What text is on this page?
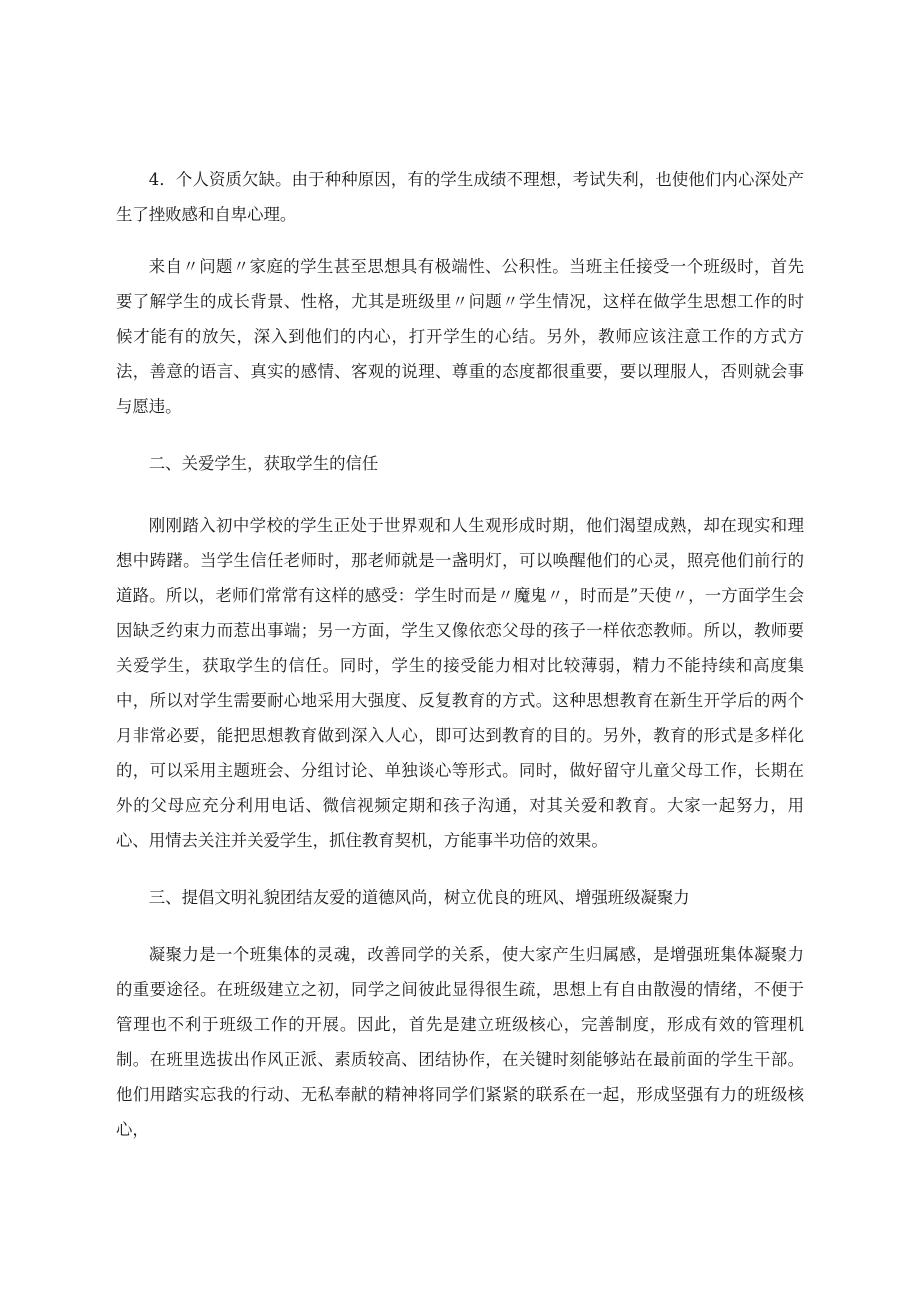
4．个人资质欠缺。由于种种原因，有的学生成绩不理想，考试失利，也使他们内心深处产生了挫败感和自卑心理。

来自〃问题〃家庭的学生甚至思想具有极端性、公积性。当班主任接受一个班级时，首先要了解学生的成长背景、性格，尤其是班级里〃问题〃学生情况，这样在做学生思想工作的时候才能有的放矢，深入到他们的内心，打开学生的心结。另外，教师应该注意工作的方式方法，善意的语言、真实的感情、客观的说理、尊重的态度都很重要，要以理服人，否则就会事与愿违。

二、关爱学生，获取学生的信任

刚刚踏入初中学校的学生正处于世界观和人生观形成时期，他们渴望成熟，却在现实和理想中踌躇。当学生信任老师时，那老师就是一盏明灯，可以唤醒他们的心灵，照亮他们前行的道路。所以，老师们常常有这样的感受：学生时而是〃魔鬼〃，时而是”天使〃，一方面学生会因缺乏约束力而惹出事端；另一方面，学生又像依恋父母的孩子一样依恋教师。所以，教师要关爱学生，获取学生的信任。同时，学生的接受能力相对比较薄弱，精力不能持续和高度集中，所以对学生需要耐心地采用大强度、反复教育的方式。这种思想教育在新生开学后的两个月非常必要，能把思想教育做到深入人心，即可达到教育的目的。另外，教育的形式是多样化的，可以采用主题班会、分组讨论、单独谈心等形式。同时，做好留守儿童父母工作，长期在外的父母应充分利用电话、微信视频定期和孩子沟通，对其关爱和教育。大家一起努力，用心、用情去关注并关爱学生，抓住教育契机，方能事半功倍的效果。

三、提倡文明礼貌团结友爱的道德风尚，树立优良的班风、增强班级凝聚力

凝聚力是一个班集体的灵魂，改善同学的关系，使大家产生归属感，是增强班集体凝聚力的重要途径。在班级建立之初，同学之间彼此显得很生疏，思想上有自由散漫的情绪，不便于管理也不利于班级工作的开展。因此，首先是建立班级核心，完善制度，形成有效的管理机制。在班里选拔出作风正派、素质较高、团结协作，在关键时刻能够站在最前面的学生干部。他们用踏实忘我的行动、无私奉献的精神将同学们紧紧的联系在一起，形成坚强有力的班级核心，
